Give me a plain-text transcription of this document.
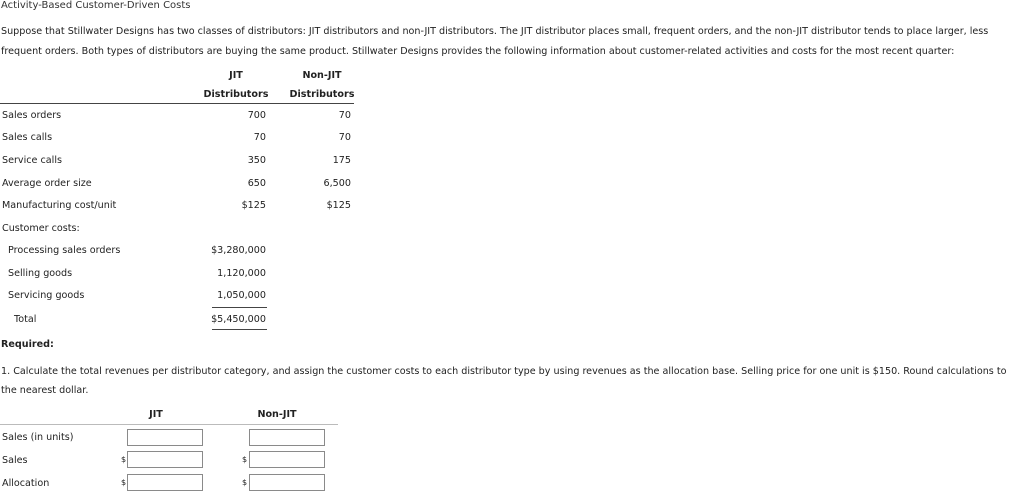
Activity-Based Customer-Driven Costs
Suppose that Stillwater Designs has two classes of distributors: JIT distributors and non-JIT distributors. The JIT distributor places small, frequent orders, and the non-JIT distributor tends to place larger, less frequent orders. Both types of distributors are buying the same product. Stillwater Designs provides the following information about customer-related activities and costs for the most recent quarter:
JIT
Distributors
Non-JIT
Distributors
Sales orders	700	70
Sales calls	70	70
Service calls	350	175
Average order size	650	6,500
Manufacturing cost/unit	$125	$125
Customer costs:
Processing sales orders	$3,280,000
Selling goods	1,120,000
Servicing goods	1,050,000
Total	$5,450,000
Required:
1. Calculate the total revenues per distributor category, and assign the customer costs to each distributor type by using revenues as the allocation base. Selling price for one unit is $150. Round calculations to the nearest dollar.
JIT	Non-JIT
Sales (in units)
Sales	$	$
Allocation	$	$
